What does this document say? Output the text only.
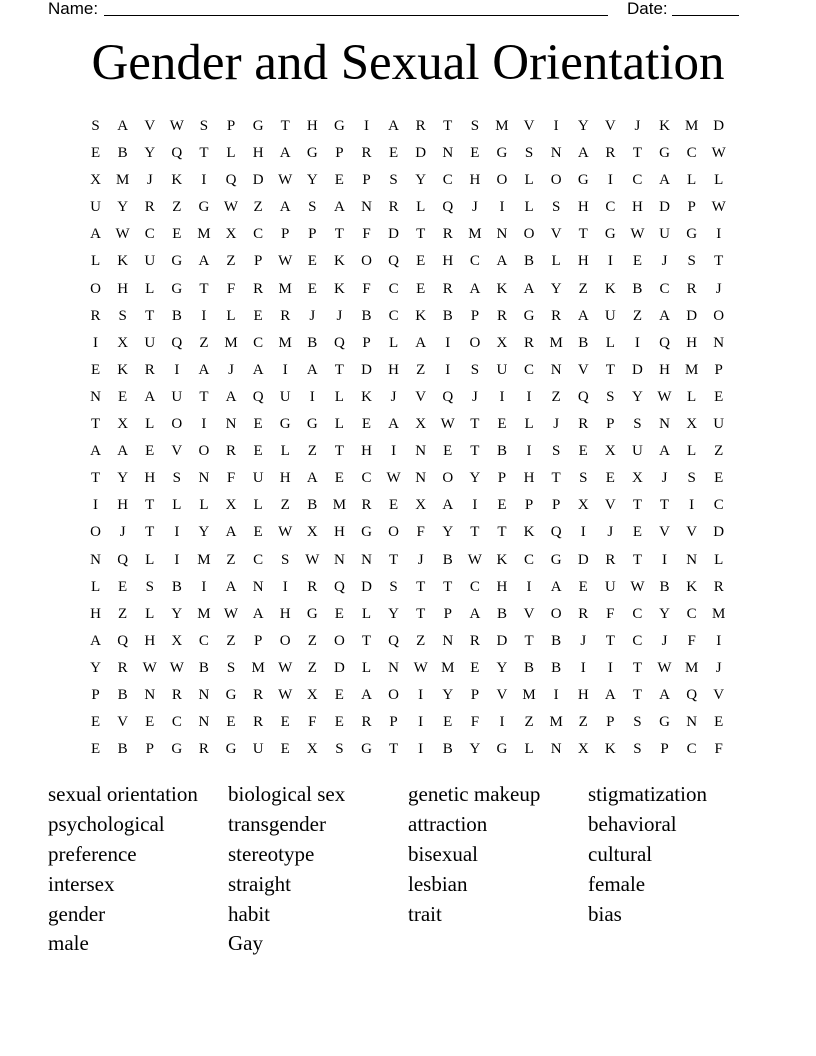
Name:	Date:
Gender and Sexual Orientation
S	A	V W	S	P	G	T	H	G	I	A	R	T	S	M	V	I	Y	V	J	K	M	D
E	B	Y	Q	T	L	H	A	G	P	R	E	D	N	E	G	S	N	A	R	T	G	C	W
X	M	J	K	I	Q	D W Y	E	P	S	Y	C	H	O	L	O	G	I	C	A	L	L
U	Y	R	Z	G W	Z	A	S	A	N	R	L	Q	J	I	L	S	H	C	H	D	P	W
A W	C	E	M	X	C	P	P	T	F	D	T	R	M	N	O	V	T	G W U	G	I
L	K	U	G	A	Z	P	W	E	K	O	Q	E	H	C	A	B	L	H	I	E	J	S	T
O	H	L	G	T	F	R	M	E	K	F	C	E	R	A	K	A	Y	Z	K	B	C	R	J
R	S	T	B	I	L	E	R	J	J	B	C	K	B	P	R	G	R	A	U	Z	A	D	O
I	X	U	Q	Z	M	C	M	B	Q	P	L	A	I	O	X	R	M	B	L	I	Q	H	N
E	K	R	I	A	J	A	I	A	T	D	H	Z	I	S	U	C	N	V	T	D	H	M	P
N	E	A	U	T	A	Q	U	I	L	K	J	V	Q	J	I	I	Z	Q	S	Y W	L	E
T	X	L	O	I	N	E	G	G	L	E	A	X W	T	E	L	J	R	P	S	N	X	U
A	A	E	V	O	R	E	L	Z	T	H	I	N	E	T	B	I	S	E	X	U	A	L	Z
T	Y	H	S	N	F	U	H	A	E	C	W N	O	Y	P	H	T	S	E	X	J	S	E
I	H	T	L	L	X	L	Z	B	M	R	E	X	A	I	E	P	P	X	V	T	T	I	C
O	J	T	I	Y	A	E	W X	H	G	O	F	Y	T	T	K	Q	I	J	E	V	V	D
N	Q	L	I	M	Z	C	S	W N	N	T	J	B	W K	C	G	D	R	T	I	N	L
L	E	S	B	I	A	N	I	R	Q	D	S	T	T	C	H	I	A	E	U W	B	K	R
H	Z	L	Y	M W A	H	G	E	L	Y	T	P	A	B	V	O	R	F	C	Y	C	M
A	Q	H	X	C	Z	P	O	Z	O	T	Q	Z	N	R	D	T	B	J	T	C	J	F	I
Y	R	W W	B	S	M W	Z	D	L	N W M	E	Y	B	B	I	I	T	W M	J
P	B	N	R	N	G	R	W X	E	A	O	I	Y	P	V	M	I	H	A	T	A	Q	V
E	V	E	C	N	E	R	E	F	E	R	P	I	E	F	I	Z	M	Z	P	S	G	N	E
E	B	P	G	R	G	U	E	X	S	G	T	I	B	Y	G	L	N	X	K	S	P	C	F
sexual orientation	biological sex	genetic makeup	stigmatization
psychological	transgender	attraction	behavioral
preference	stereotype	bisexual	cultural
intersex	straight	lesbian	female
gender	habit	trait	bias
male	Gay
